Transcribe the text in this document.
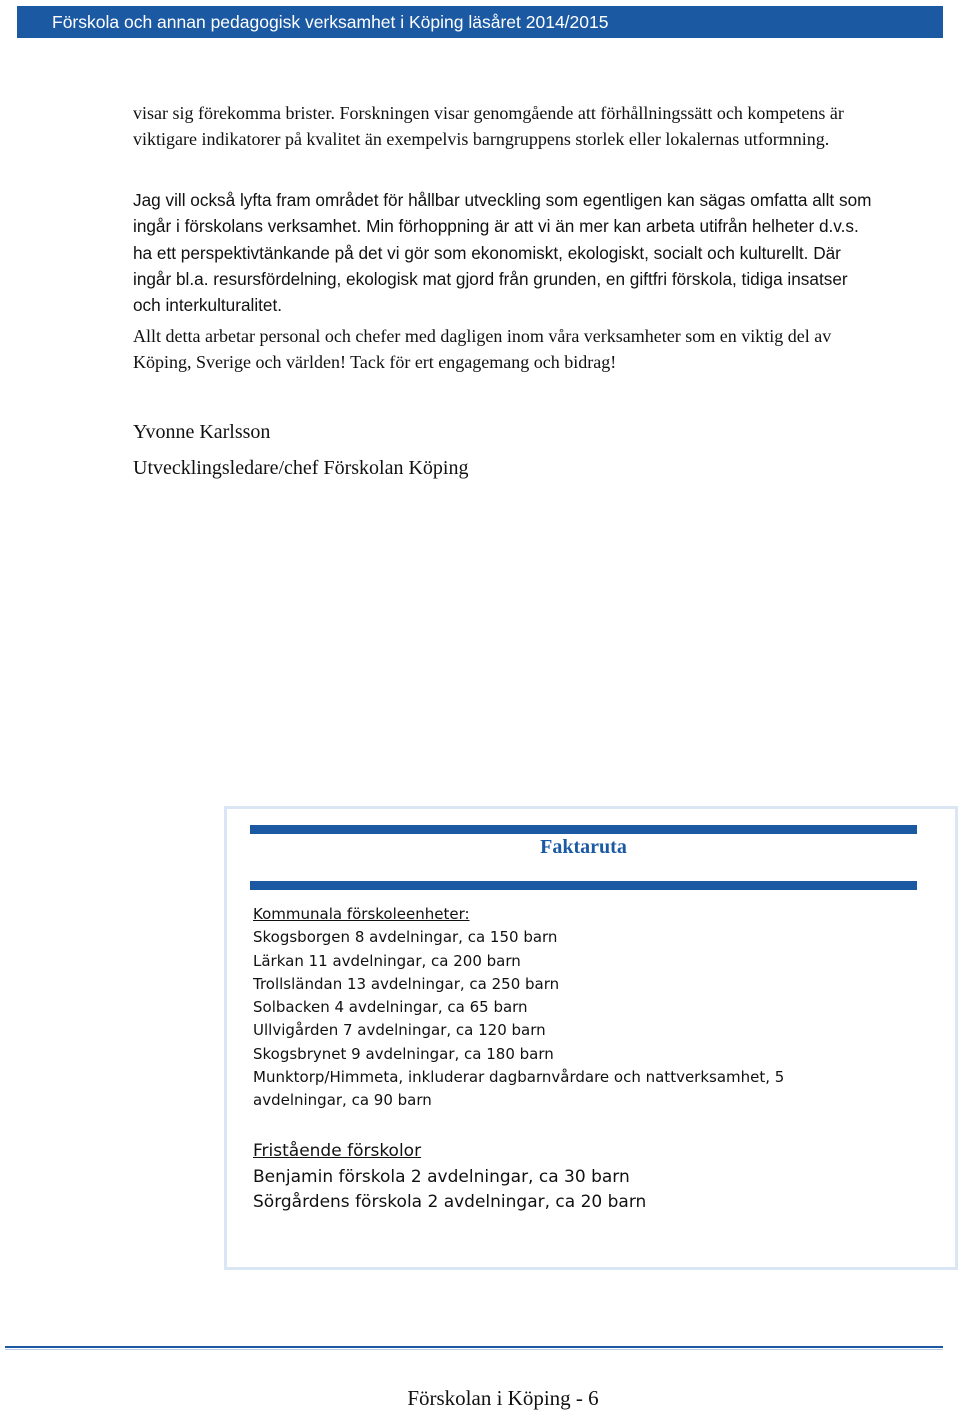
Förskola och annan pedagogisk verksamhet i Köping läsåret 2014/2015

visar sig förekomma brister. Forskningen visar genomgående att förhållningssätt och kompetens är viktigare indikatorer på kvalitet än exempelvis barngruppens storlek eller lokalernas utformning.

Jag vill också lyfta fram området för hållbar utveckling som egentligen kan sägas omfatta allt som ingår i förskolans verksamhet. Min förhoppning är att vi än mer kan arbeta utifrån helheter d.v.s. ha ett perspektivtänkande på det vi gör som ekonomiskt, ekologiskt, socialt och kulturellt. Där ingår bl.a. resursfördelning, ekologisk mat gjord från grunden, en giftfri förskola, tidiga insatser och interkulturalitet.

Allt detta arbetar personal och chefer med dagligen inom våra verksamheter som en viktig del av Köping, Sverige och världen! Tack för ert engagemang och bidrag!

Yvonne Karlsson

Utvecklingsledare/chef Förskolan Köping

Faktaruta
Kommunala förskoleenheter:
Skogsborgen 8 avdelningar, ca 150 barn
Lärkan 11 avdelningar, ca 200 barn
Trollsländan 13 avdelningar, ca 250 barn
Solbacken 4 avdelningar, ca 65 barn
Ullvigården 7 avdelningar, ca 120 barn
Skogsbrynet 9 avdelningar, ca 180 barn
Munktorp/Himmeta, inkluderar dagbarnvårdare och nattverksamhet, 5 avdelningar, ca 90 barn
Fristående förskolor
Benjamin förskola 2 avdelningar, ca 30 barn
Sörgårdens förskola 2 avdelningar, ca 20 barn
Förskolan i Köping - 6
